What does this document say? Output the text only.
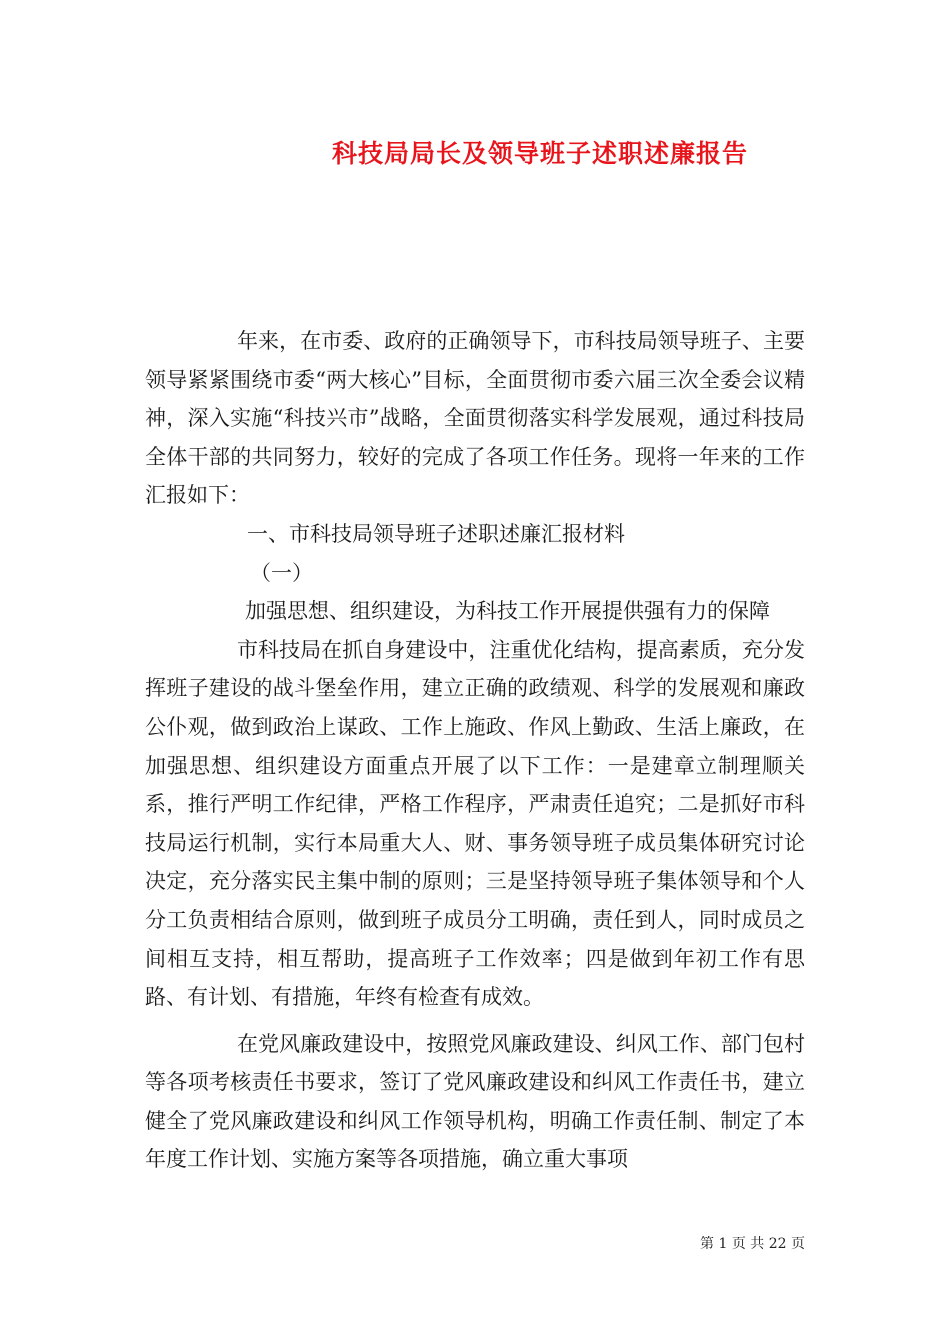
科技局局长及领导班子述职述廉报告

年来，在市委、政府的正确领导下，市科技局领导班子、主要领导紧紧围绕市委“两大核心”目标，全面贯彻市委六届三次全委会议精神，深入实施“科技兴市”战略，全面贯彻落实科学发展观，通过科技局全体干部的共同努力，较好的完成了各项工作任务。现将一年来的工作汇报如下：

一、市科技局领导班子述职述廉汇报材料

（一）

加强思想、组织建设，为科技工作开展提供强有力的保障

市科技局在抓自身建设中，注重优化结构，提高素质，充分发挥班子建设的战斗堡垒作用，建立正确的政绩观、科学的发展观和廉政公仆观，做到政治上谋政、工作上施政、作风上勤政、生活上廉政，在加强思想、组织建设方面重点开展了以下工作：一是建章立制理顺关系，推行严明工作纪律，严格工作程序，严肃责任追究；二是抓好市科技局运行机制，实行本局重大人、财、事务领导班子成员集体研究讨论决定，充分落实民主集中制的原则；三是坚持领导班子集体领导和个人分工负责相结合原则，做到班子成员分工明确，责任到人，同时成员之间相互支持，相互帮助，提高班子工作效率；四是做到年初工作有思路、有计划、有措施，年终有检查有成效。

在党风廉政建设中，按照党风廉政建设、纠风工作、部门包村等各项考核责任书要求，签订了党风廉政建设和纠风工作责任书，建立健全了党风廉政建设和纠风工作领导机构，明确工作责任制、制定了本年度工作计划、实施方案等各项措施，确立重大事项

第 1 页 共 22 页
